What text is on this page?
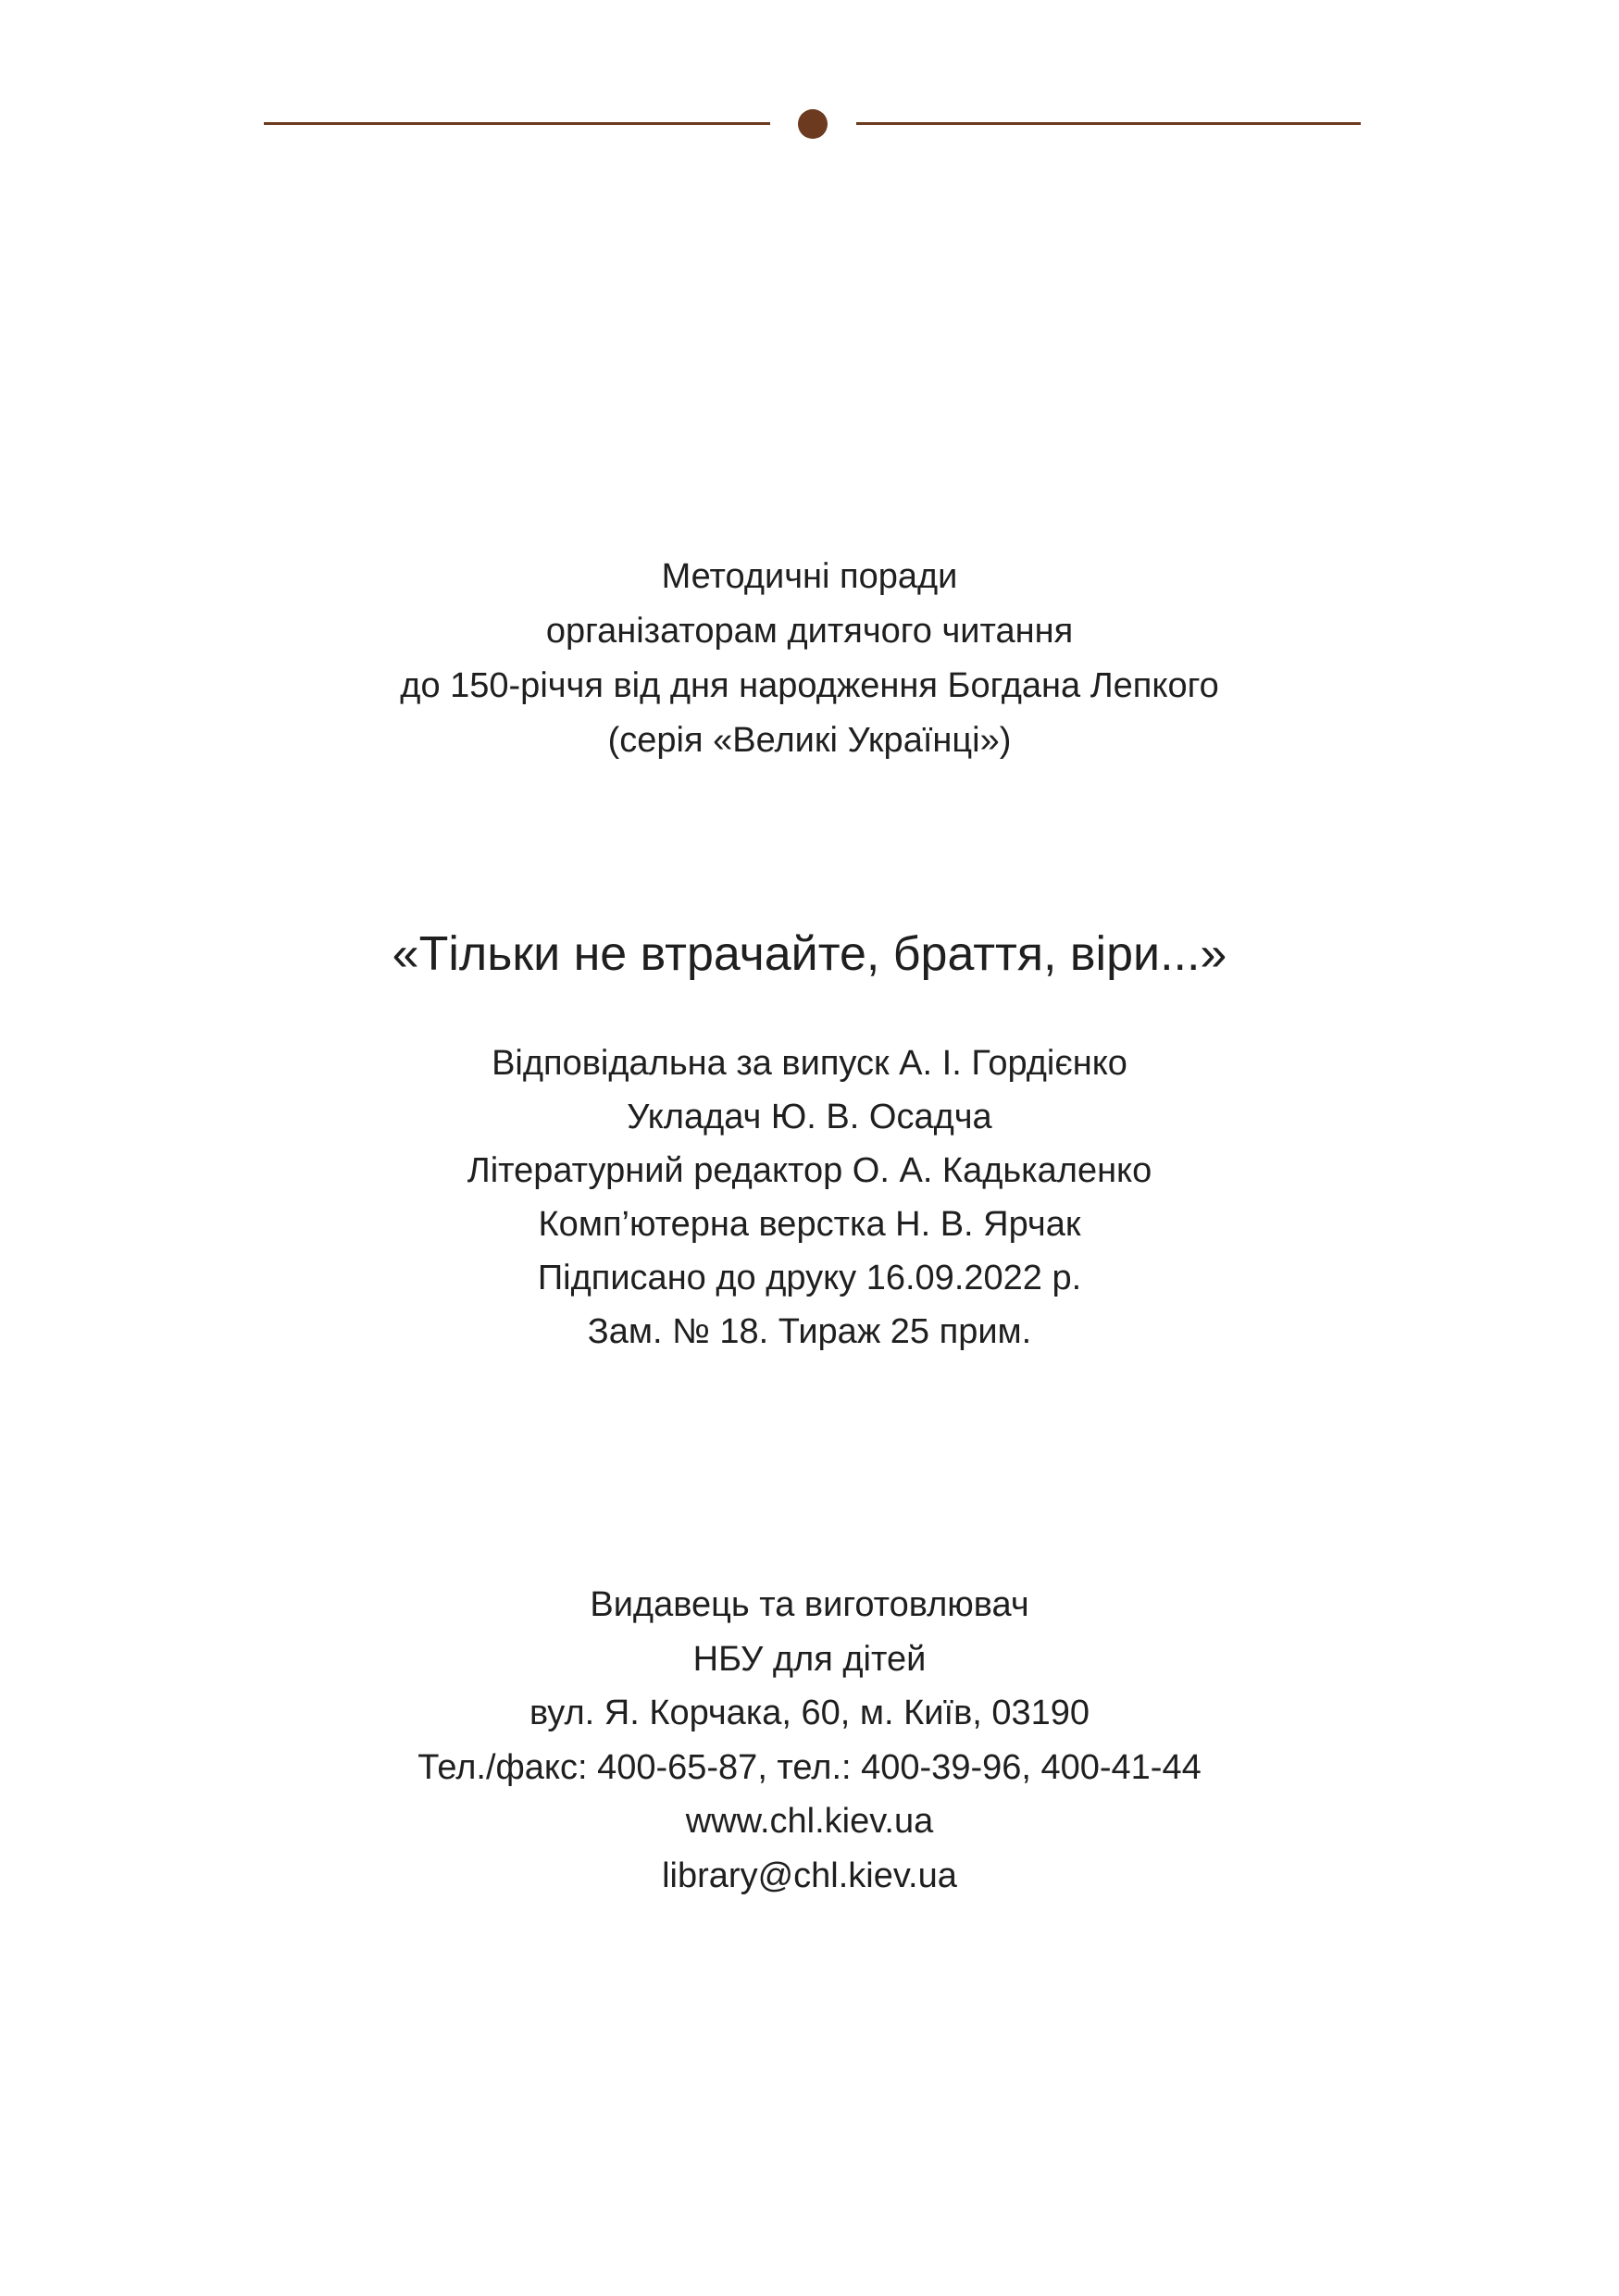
Методичні поради

організаторам дитячого читання

до 150-річчя від дня народження Богдана Лепкого

(серія «Великі Українці»)

«Тільки не втрачайте, браття, віри...»

Відповідальна за випуск А. І. Гордієнко

Укладач Ю. В. Осадча

Літературний редактор О. А. Кадькаленко

Комп’ютерна верстка Н. В. Ярчак

Підписано до друку 16.09.2022 р.

Зам. № 18. Тираж 25 прим.

Видавець та виготовлювач

НБУ для дітей

вул. Я. Корчака, 60, м. Київ, 03190

Тел./факс: 400-65-87, тел.: 400-39-96, 400-41-44

www.chl.kiev.ua

library@chl.kiev.ua
